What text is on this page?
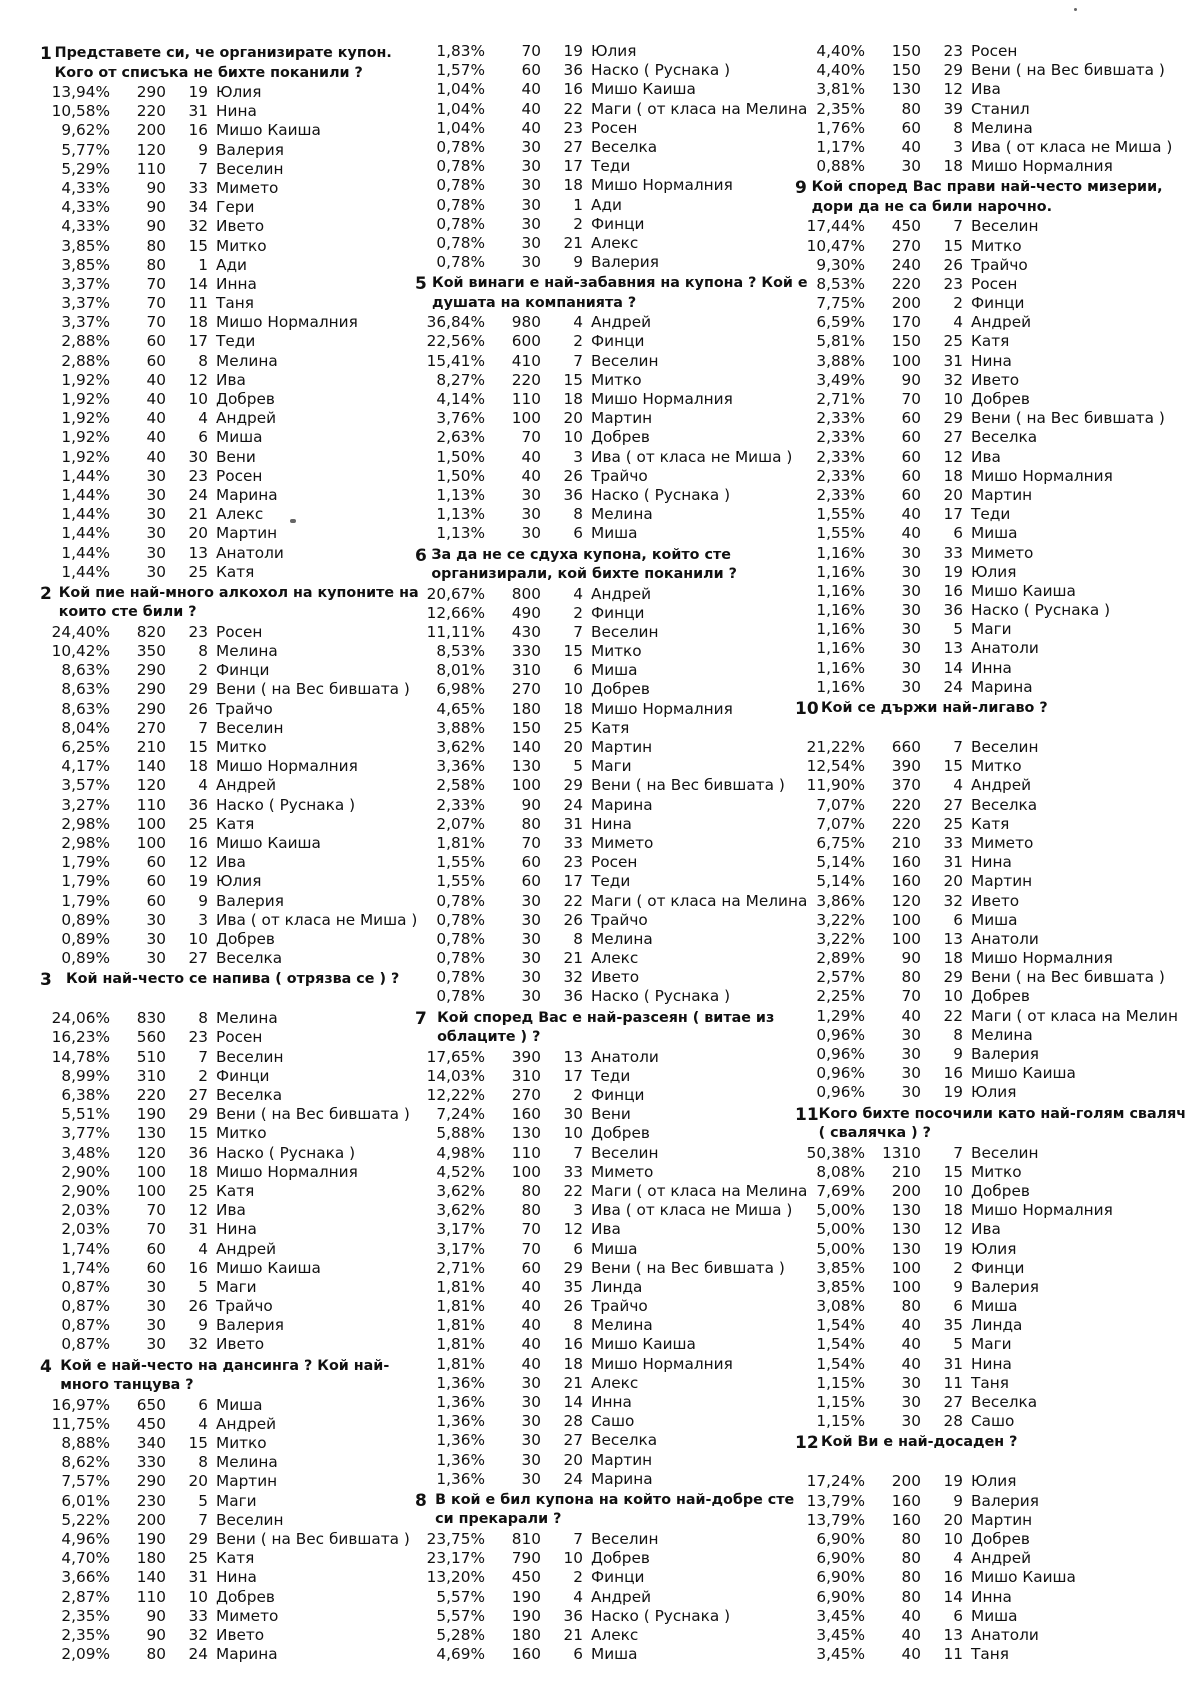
1 Представете си, че организирате купон. Кого от списъка не бихте поканили ?
13,94%	290	19 Юлия
10,58%	220	31 Нина
9,62%	200	16 Мишо Каиша
5,77%	120	9 Валерия
5,29%	110	7 Веселин
4,33%	90	33 Мимето
4,33%	90	34 Гери
4,33%	90	32 Ивето
3,85%	80	15 Митко
3,85%	80	1 Ади
3,37%	70	14 Инна
3,37%	70	11 Таня
3,37%	70	18 Мишо Нормалния
2,88%	60	17 Теди
2,88%	60	8 Мелина
1,92%	40	12 Ива
1,92%	40	10 Добрев
1,92%	40	4 Андрей
1,92%	40	6 Миша
1,92%	40	30 Вени
1,44%	30	23 Росен
1,44%	30	24 Марина
1,44%	30	21 Алекс
1,44%	30	20 Мартин
1,44%	30	13 Анатоли
1,44%	30	25 Катя
2 Кой пие най-много алкохол на купоните на които сте били ?
24,40%	820	23 Росен
10,42%	350	8 Мелина
8,63%	290	2 Финци
8,63%	290	29 Вени ( на Вес бившата )
8,63%	290	26 Трайчо
8,04%	270	7 Веселин
6,25%	210	15 Митко
4,17%	140	18 Мишо Нормалния
3,57%	120	4 Андрей
3,27%	110	36 Наско ( Руснака )
2,98%	100	25 Катя
2,98%	100	16 Мишо Каиша
1,79%	60	12 Ива
1,79%	60	19 Юлия
1,79%	60	9 Валерия
0,89%	30	3 Ива ( от класа не Миша )
0,89%	30	10 Добрев
0,89%	30	27 Веселка
3 Кой най-често се напива ( отрязва се ) ?
24,06%	830	8 Мелина
16,23%	560	23 Росен
14,78%	510	7 Веселин
8,99%	310	2 Финци
6,38%	220	27 Веселка
5,51%	190	29 Вени ( на Вес бившата )
3,77%	130	15 Митко
3,48%	120	36 Наско ( Руснака )
2,90%	100	18 Мишо Нормалния
2,90%	100	25 Катя
2,03%	70	12 Ива
2,03%	70	31 Нина
1,74%	60	4 Андрей
1,74%	60	16 Мишо Каиша
0,87%	30	5 Маги
0,87%	30	26 Трайчо
0,87%	30	9 Валерия
0,87%	30	32 Ивето
4 Кой е най-често на дансинга ? Кой най-много танцува ?
16,97%	650	6 Миша
11,75%	450	4 Андрей
8,88%	340	15 Митко
8,62%	330	8 Мелина
7,57%	290	20 Мартин
6,01%	230	5 Маги
5,22%	200	7 Веселин
4,96%	190	29 Вени ( на Вес бившата )
4,70%	180	25 Катя
3,66%	140	31 Нина
2,87%	110	10 Добрев
2,35%	90	33 Мимето
2,35%	90	32 Ивето
2,09%	80	24 Марина
1,83%	70	19 Юлия
1,57%	60	36 Наско ( Руснака )
1,04%	40	16 Мишо Каиша
1,04%	40	22 Маги ( от класа на Мелина
1,04%	40	23 Росен
0,78%	30	27 Веселка
0,78%	30	17 Теди
0,78%	30	18 Мишо Нормалния
0,78%	30	1 Ади
0,78%	30	2 Финци
0,78%	30	21 Алекс
0,78%	30	9 Валерия
5 Кой винаги е най-забавния на купона ? Кой е душата на компанията ?
36,84%	980	4 Андрей
22,56%	600	2 Финци
15,41%	410	7 Веселин
8,27%	220	15 Митко
4,14%	110	18 Мишо Нормалния
3,76%	100	20 Мартин
2,63%	70	10 Добрев
1,50%	40	3 Ива ( от класа не Миша )
1,50%	40	26 Трайчо
1,13%	30	36 Наско ( Руснака )
1,13%	30	8 Мелина
1,13%	30	6 Миша
6 За да не се сдуха купона, който сте организирали, кой бихте поканили ?
20,67%	800	4 Андрей
12,66%	490	2 Финци
11,11%	430	7 Веселин
8,53%	330	15 Митко
8,01%	310	6 Миша
6,98%	270	10 Добрев
4,65%	180	18 Мишо Нормалния
3,88%	150	25 Катя
3,62%	140	20 Мартин
3,36%	130	5 Маги
2,58%	100	29 Вени ( на Вес бившата )
2,33%	90	24 Марина
2,07%	80	31 Нина
1,81%	70	33 Мимето
1,55%	60	23 Росен
1,55%	60	17 Теди
0,78%	30	22 Маги ( от класа на Мелина
0,78%	30	26 Трайчо
0,78%	30	8 Мелина
0,78%	30	21 Алекс
0,78%	30	32 Ивето
0,78%	30	36 Наско ( Руснака )
7 Кой според Вас е най-разсеян ( витае из облаците ) ?
17,65%	390	13 Анатоли
14,03%	310	17 Теди
12,22%	270	2 Финци
7,24%	160	30 Вени
5,88%	130	10 Добрев
4,98%	110	7 Веселин
4,52%	100	33 Мимето
3,62%	80	22 Маги ( от класа на Мелина
3,62%	80	3 Ива ( от класа не Миша )
3,17%	70	12 Ива
3,17%	70	6 Миша
2,71%	60	29 Вени ( на Вес бившата )
1,81%	40	35 Линда
1,81%	40	26 Трайчо
1,81%	40	8 Мелина
1,81%	40	16 Мишо Каиша
1,81%	40	18 Мишо Нормалния
1,36%	30	21 Алекс
1,36%	30	14 Инна
1,36%	30	28 Сашо
1,36%	30	27 Веселка
1,36%	30	20 Мартин
1,36%	30	24 Марина
8 В кой е бил купона на който най-добре сте си прекарали ?
23,75%	810	7 Веселин
23,17%	790	10 Добрев
13,20%	450	2 Финци
5,57%	190	4 Андрей
5,57%	190	36 Наско ( Руснака )
5,28%	180	21 Алекс
4,69%	160	6 Миша
4,40%	150	23 Росен
4,40%	150	29 Вени ( на Вес бившата )
3,81%	130	12 Ива
2,35%	80	39 Станил
1,76%	60	8 Мелина
1,17%	40	3 Ива ( от класа не Миша )
0,88%	30	18 Мишо Нормалния
9 Кой според Вас прави най-често мизерии, дори да не са били нарочно.
17,44%	450	7 Веселин
10,47%	270	15 Митко
9,30%	240	26 Трайчо
8,53%	220	23 Росен
7,75%	200	2 Финци
6,59%	170	4 Андрей
5,81%	150	25 Катя
3,88%	100	31 Нина
3,49%	90	32 Ивето
2,71%	70	10 Добрев
2,33%	60	29 Вени ( на Вес бившата )
2,33%	60	27 Веселка
2,33%	60	12 Ива
2,33%	60	18 Мишо Нормалния
2,33%	60	20 Мартин
1,55%	40	17 Теди
1,55%	40	6 Миша
1,16%	30	33 Мимето
1,16%	30	19 Юлия
1,16%	30	16 Мишо Каиша
1,16%	30	36 Наско ( Руснака )
1,16%	30	5 Маги
1,16%	30	13 Анатоли
1,16%	30	14 Инна
1,16%	30	24 Марина
10 Кой се държи най-лигаво ?
21,22%	660	7 Веселин
12,54%	390	15 Митко
11,90%	370	4 Андрей
7,07%	220	27 Веселка
7,07%	220	25 Катя
6,75%	210	33 Мимето
5,14%	160	31 Нина
5,14%	160	20 Мартин
3,86%	120	32 Ивето
3,22%	100	6 Миша
3,22%	100	13 Анатоли
2,89%	90	18 Мишо Нормалния
2,57%	80	29 Вени ( на Вес бившата )
2,25%	70	10 Добрев
1,29%	40	22 Маги ( от класа на Мелин
0,96%	30	8 Мелина
0,96%	30	9 Валерия
0,96%	30	16 Мишо Каиша
0,96%	30	19 Юлия
11 Кого бихте посочили като най-голям сваляч ( свалячка ) ?
50,38%	1310	7 Веселин
8,08%	210	15 Митко
7,69%	200	10 Добрев
5,00%	130	18 Мишо Нормалния
5,00%	130	12 Ива
5,00%	130	19 Юлия
3,85%	100	2 Финци
3,85%	100	9 Валерия
3,08%	80	6 Миша
1,54%	40	35 Линда
1,54%	40	5 Маги
1,54%	40	31 Нина
1,15%	30	11 Таня
1,15%	30	27 Веселка
1,15%	30	28 Сашо
12 Кой Ви е най-досаден ?
17,24%	200	19 Юлия
13,79%	160	9 Валерия
13,79%	160	20 Мартин
6,90%	80	10 Добрев
6,90%	80	4 Андрей
6,90%	80	16 Мишо Каиша
6,90%	80	14 Инна
3,45%	40	6 Миша
3,45%	40	13 Анатоли
3,45%	40	11 Таня
